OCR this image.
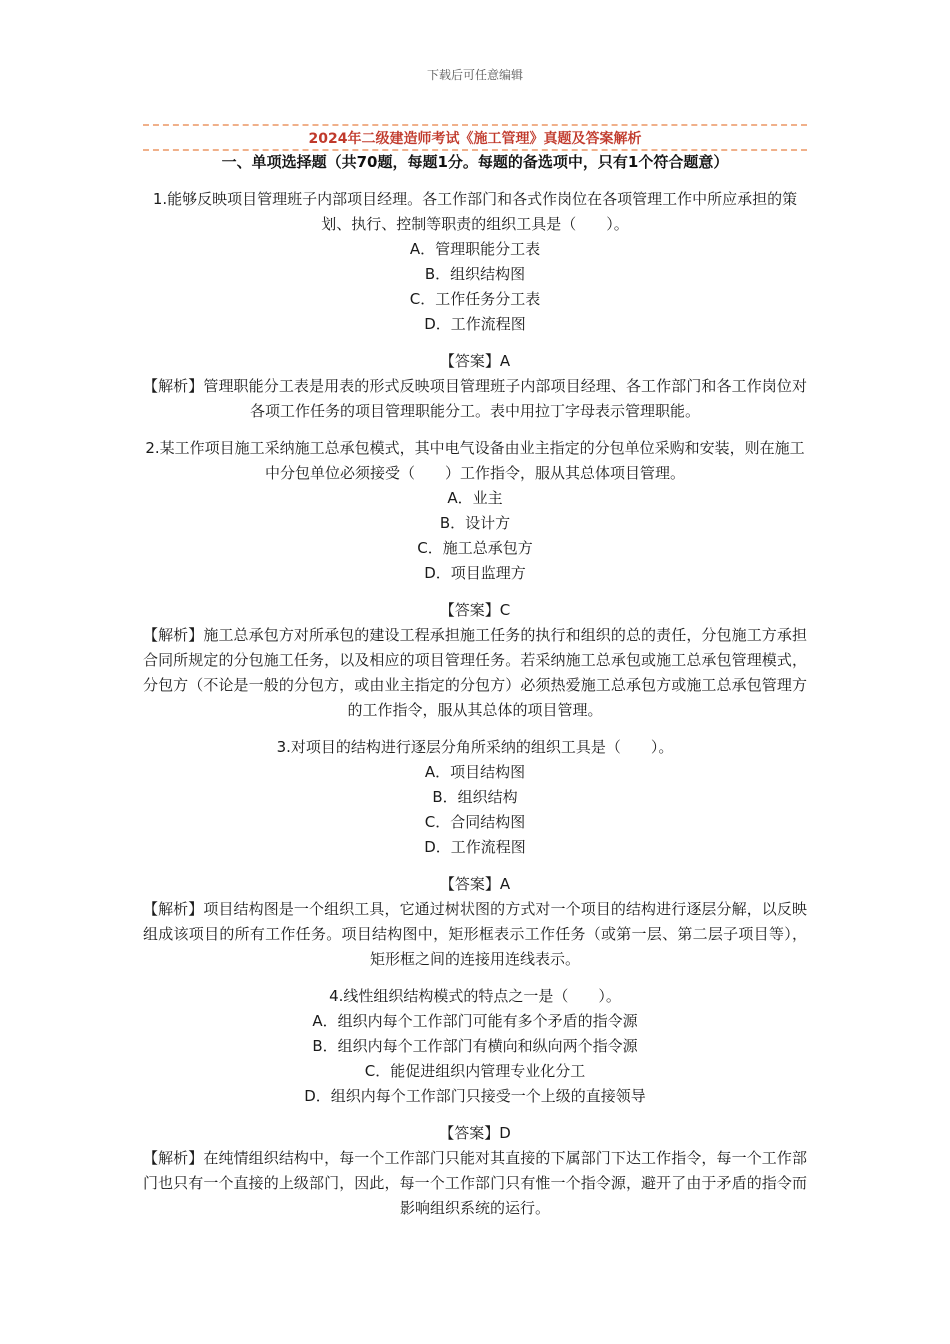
下载后可任意编辑
2024年二级建造师考试《施工管理》真题及答案解析
一、单项选择题（共70题，每题1分。每题的备选项中，只有1个符合题意）

1.能够反映项目管理班子内部项目经理。各工作部门和各式作岗位在各项管理工作中所应承担的策划、执行、控制等职责的组织工具是（　　）。

A．管理职能分工表

B．组织结构图

C．工作任务分工表

D．工作流程图

【答案】A

【解析】管理职能分工表是用表的形式反映项目管理班子内部项目经理、各工作部门和各工作岗位对各项工作任务的项目管理职能分工。表中用拉丁字母表示管理职能。

2.某工作项目施工采纳施工总承包模式，其中电气设备由业主指定的分包单位采购和安装，则在施工中分包单位必须接受（　　）工作指令，服从其总体项目管理。

A．业主

B．设计方

C．施工总承包方

D．项目监理方

【答案】C

【解析】施工总承包方对所承包的建设工程承担施工任务的执行和组织的总的责任，分包施工方承担合同所规定的分包施工任务，以及相应的项目管理任务。若采纳施工总承包或施工总承包管理模式，分包方（不论是一般的分包方，或由业主指定的分包方）必须热爱施工总承包方或施工总承包管理方的工作指令，服从其总体的项目管理。

3.对项目的结构进行逐层分角所采纳的组织工具是（　　）。

A．项目结构图

B．组织结构

C．合同结构图

D．工作流程图

【答案】A

【解析】项目结构图是一个组织工具，它通过树状图的方式对一个项目的结构进行逐层分解，以反映组成该项目的所有工作任务。项目结构图中，矩形框表示工作任务（或第一层、第二层子项目等），矩形框之间的连接用连线表示。

4.线性组织结构模式的特点之一是（　　）。

A．组织内每个工作部门可能有多个矛盾的指令源

B．组织内每个工作部门有横向和纵向两个指令源

C．能促进组织内管理专业化分工

D．组织内每个工作部门只接受一个上级的直接领导

【答案】D

【解析】在纯情组织结构中，每一个工作部门只能对其直接的下属部门下达工作指令，每一个工作部门也只有一个直接的上级部门，因此，每一个工作部门只有惟一个指令源，避开了由于矛盾的指令而影响组织系统的运行。
